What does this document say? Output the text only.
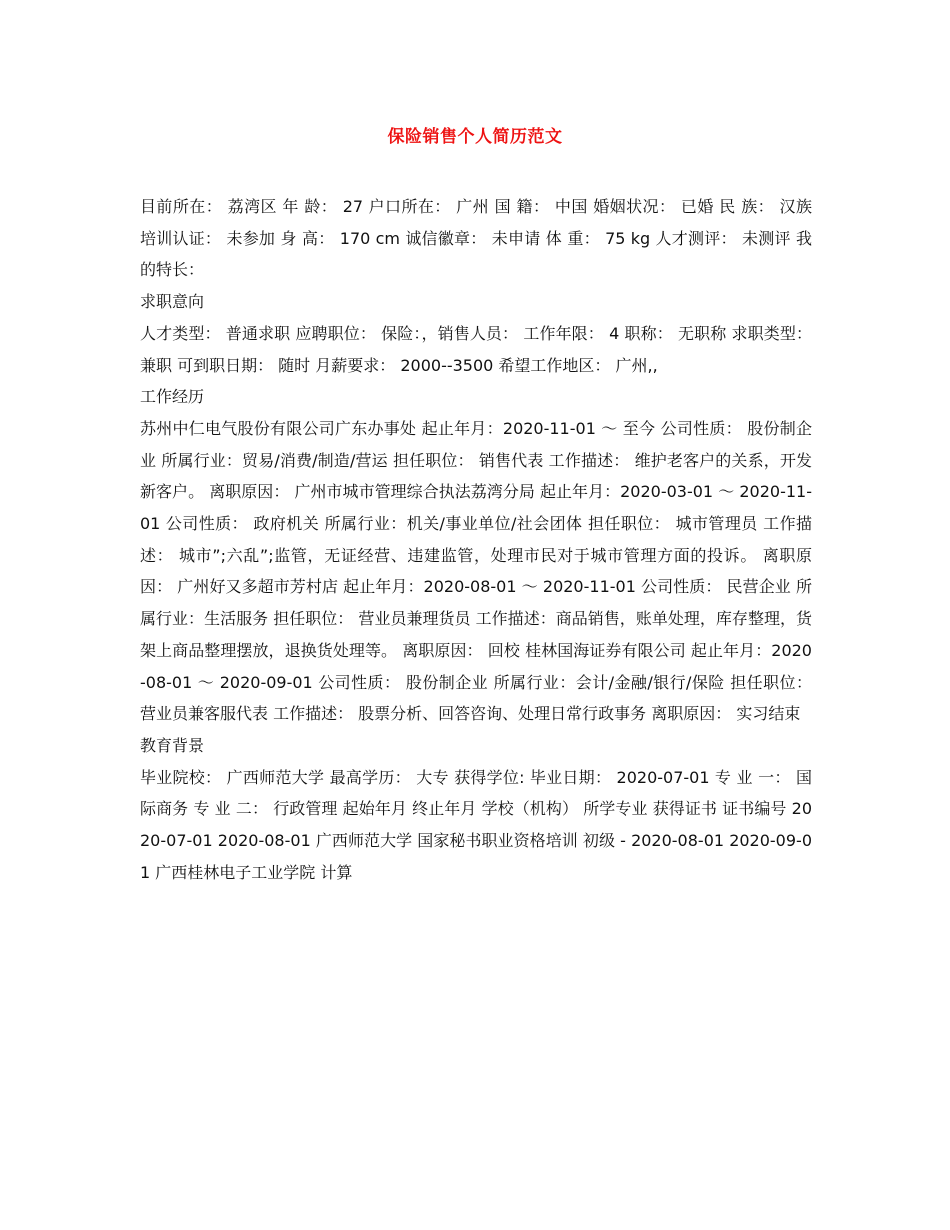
保险销售个人简历范文

目前所在： 荔湾区 年 龄： 27 户口所在： 广州 国 籍： 中国 婚姻状况： 已婚 民 族： 汉族 培训认证： 未参加 身 高： 170 cm 诚信徽章： 未申请 体 重： 75 kg 人才测评： 未测评 我的特长：

求职意向

人才类型： 普通求职 应聘职位： 保险：，销售人员： 工作年限： 4 职称： 无职称 求职类型： 兼职 可到职日期： 随时 月薪要求： 2000--3500 希望工作地区： 广州,,

工作经历

苏州中仁电气股份有限公司广东办事处 起止年月：2020-11-01 ～ 至今 公司性质： 股份制企业 所属行业：贸易/消费/制造/营运 担任职位： 销售代表 工作描述： 维护老客户的关系，开发新客户。 离职原因： 广州市城市管理综合执法荔湾分局 起止年月：2020-03-01 ～ 2020-11-01 公司性质： 政府机关 所属行业：机关/事业单位/社会团体 担任职位： 城市管理员 工作描述： 城市”;六乱”;监管，无证经营、违建监管，处理市民对于城市管理方面的投诉。 离职原因： 广州好又多超市芳村店 起止年月：2020-08-01 ～ 2020-11-01 公司性质： 民营企业 所属行业：生活服务 担任职位： 营业员兼理货员 工作描述：商品销售，账单处理，库存整理，货架上商品整理摆放，退换货处理等。 离职原因： 回校 桂林国海证券有限公司 起止年月：2020-08-01 ～ 2020-09-01 公司性质： 股份制企业 所属行业：会计/金融/银行/保险 担任职位： 营业员兼客服代表 工作描述： 股票分析、回答咨询、处理日常行政事务 离职原因： 实习结束

教育背景

毕业院校： 广西师范大学 最高学历： 大专 获得学位: 毕业日期： 2020-07-01 专 业 一： 国际商务 专 业 二： 行政管理 起始年月 终止年月 学校（机构） 所学专业 获得证书 证书编号 2020-07-01 2020-08-01 广西师范大学 国家秘书职业资格培训 初级 - 2020-08-01 2020-09-01 广西桂林电子工业学院 计算
